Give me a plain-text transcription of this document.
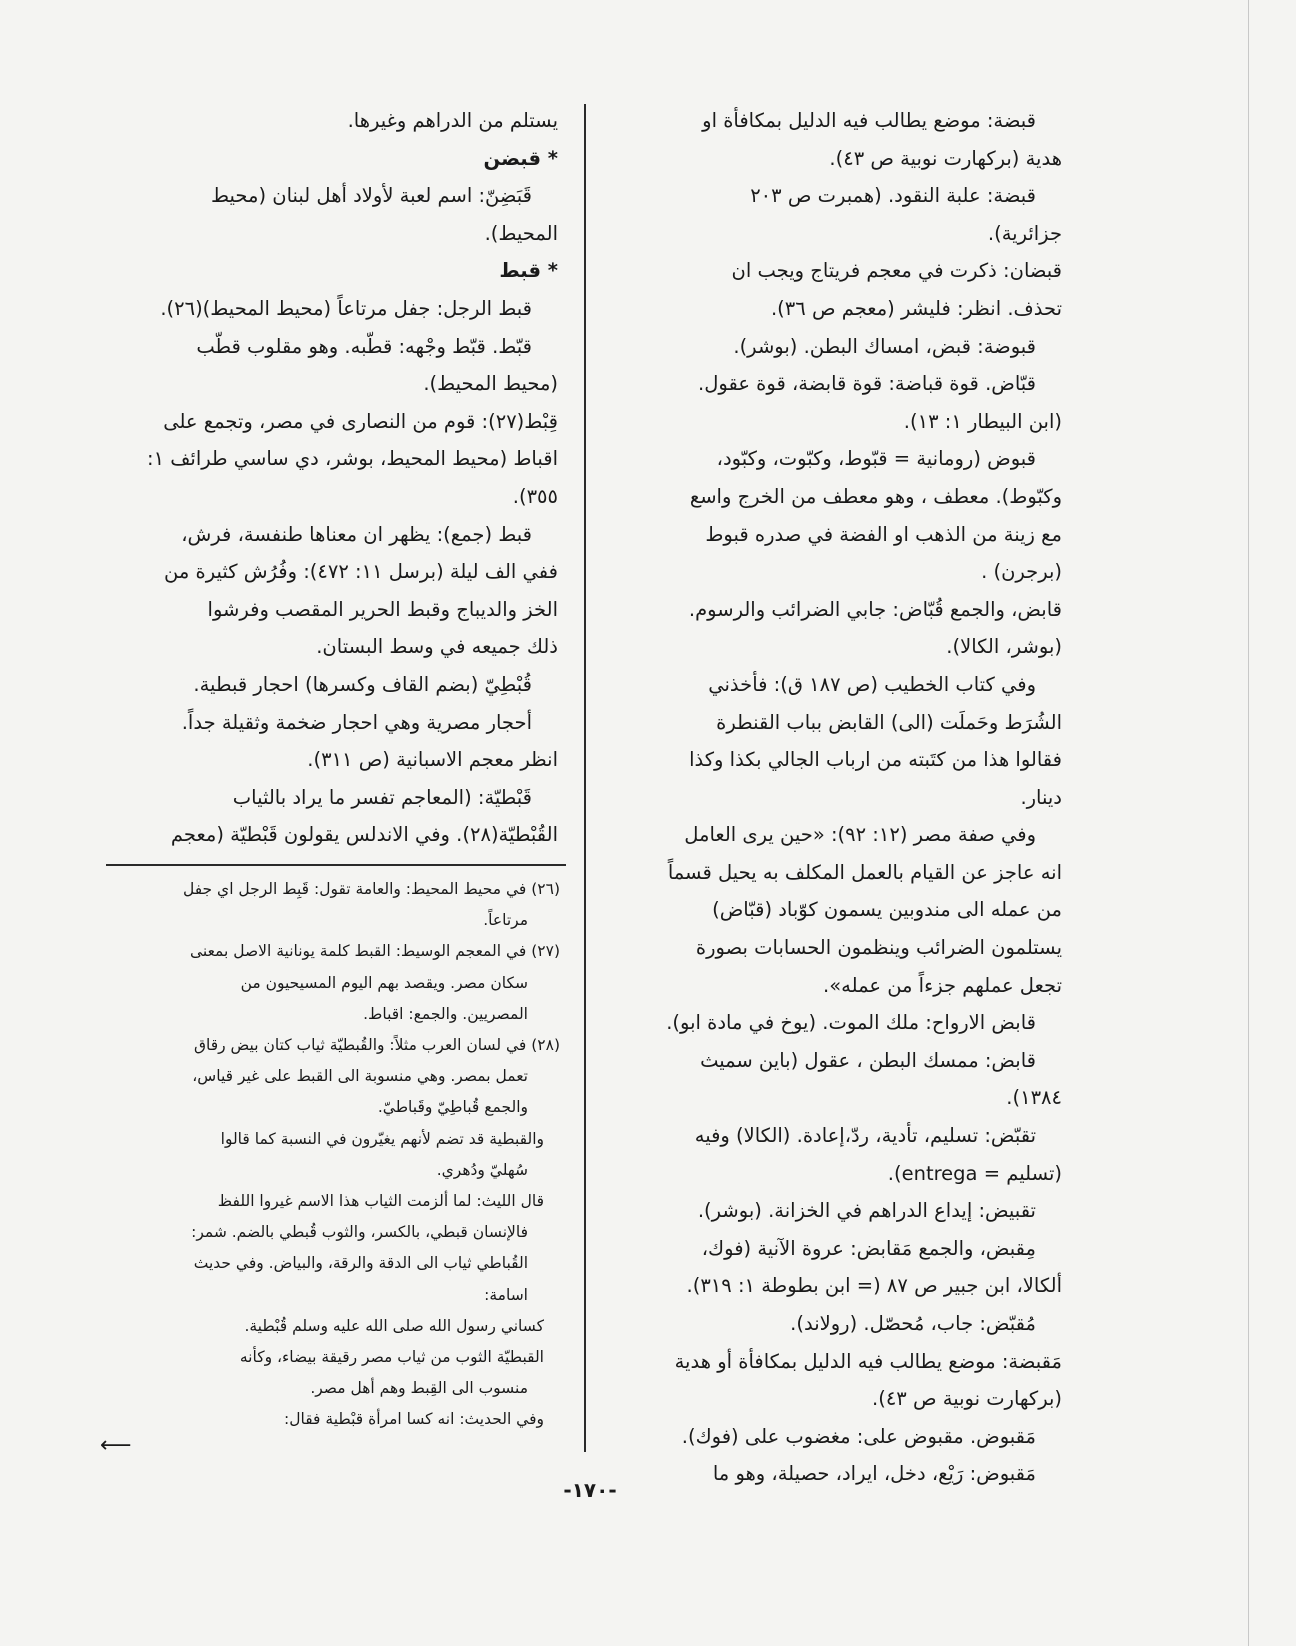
قبضة: موضع يطالب فيه الدليل بمكافأة او
هدية (بركهارت نوبية ص ٤٣).
قبضة: علبة النقود. (همبرت ص ٢٠٣
جزائرية).
قبضان: ذكرت في معجم فريتاج ويجب ان
تحذف. انظر: فليشر (معجم ص ٣٦).
قبوضة: قبض، امساك البطن. (بوشر).
قبّاض. قوة قباضة: قوة قابضة، قوة عقول.
(ابن البيطار ١: ١٣).
قبوض (رومانية = قبّوط، وكبّوت، وكبّود،
وكبّوط). معطف ، وهو معطف من الخرج واسع
مع زينة من الذهب او الفضة في صدره قبوط
(برجرن) .
قابض، والجمع قُبّاض: جابي الضرائب والرسوم.
(بوشر، الكالا).
وفي كتاب الخطيب (ص ١٨٧ ق): فأخذني
الشُرَط وحَملَت (الى) القابض بباب القنطرة
فقالوا هذا من كتَبته من ارباب الجالي بكذا وكذا
دينار.
وفي صفة مصر (١٢: ٩٢): «حين يرى العامل
انه عاجز عن القيام بالعمل المكلف به يحيل قسماً
من عمله الى مندوبين يسمون كوّباد (قبّاض)
يستلمون الضرائب وينظمون الحسابات بصورة
تجعل عملهم جزءاً من عمله».
قابض الارواح: ملك الموت. (يوخ في مادة ابو).
قابض: ممسك البطن ، عقول (باين سميث
١٣٨٤).
تقبّض: تسليم، تأدية، ردّ،إعادة. (الكالا) وفيه
(تسليم = entrega).
تقبيض: إيداع الدراهم في الخزانة. (بوشر).
مِقبض، والجمع مَقابض: عروة الآنية (فوك،
ألكالا، ابن جبير ص ٨٧ (= ابن بطوطة ١: ٣١٩).
مُقبّض: جاب، مُحصّل. (رولاند).
مَقبضة: موضع يطالب فيه الدليل بمكافأة أو هدية
(بركهارت نوبية ص ٤٣).
مَقبوض. مقبوض على: مغضوب على (فوك).
مَقبوض: رَيْع، دخل، ايراد، حصيلة، وهو ما
يستلم من الدراهم وغيرها.
* قبضن
قَبَضِنّ: اسم لعبة لأولاد أهل لبنان (محيط
المحيط).
* قبط
قبط الرجل: جفل مرتاعاً (محيط المحيط)(٢٦).
قبّط. قبّط وجْهه: قطّبه. وهو مقلوب قطّب
(محيط المحيط).
قِبْط(٢٧): قوم من النصارى في مصر، وتجمع على
اقباط (محيط المحيط، بوشر، دي ساسي طرائف ١:
٣٥٥).
قبط (جمع): يظهر ان معناها طنفسة، فرش،
ففي الف ليلة (برسل ١١: ٤٧٢): وفُرُش كثيرة من
الخز والديباج وقبط الحرير المقصب وفرشوا
ذلك جميعه في وسط البستان.
قُبْطِيّ (بضم القاف وكسرها) احجار قبطية.
أحجار مصرية وهي احجار ضخمة وثقيلة جداً.
انظر معجم الاسبانية (ص ٣١١).
قَبْطيّة: (المعاجم تفسر ما يراد بالثياب
القُبْطيّة(٢٨). وفي الاندلس يقولون قَبْطيّة (معجم
(٢٦) في محيط المحيط: والعامة تقول: قَبِط الرجل اي جفل
مرتاعاً.
(٢٧) في المعجم الوسيط: القبط كلمة يونانية الاصل بمعنى
سكان مصر. ويقصد بهم اليوم المسيحيون من
المصريين. والجمع: اقباط.
(٢٨) في لسان العرب مثلاً: والقُبطيّة ثياب كتان بيض رقاق
تعمل بمصر. وهي منسوبة الى القبط على غير قياس،
والجمع قُباطِيّ وقَباطيّ.
والقبطية قد تضم لأنهم يغيّرون في النسبة كما قالوا
سُهليّ ودُهري.
قال الليث: لما ألزمت الثياب هذا الاسم غيروا اللفظ
فالإنسان قبطي، بالكسر، والثوب قُبطي بالضم. شمر:
القُباطي ثياب الى الدقة والرقة، والبياض. وفي حديث
اسامة:
كساني رسول الله صلى الله عليه وسلم قُبْطية.
القبطيّة الثوب من ثياب مصر رقيقة بيضاء، وكأنه
منسوب الى القِبط وهم أهل مصر.
وفي الحديث: انه كسا امرأة قبْطية فقال:
⟵
-١٧٠-
